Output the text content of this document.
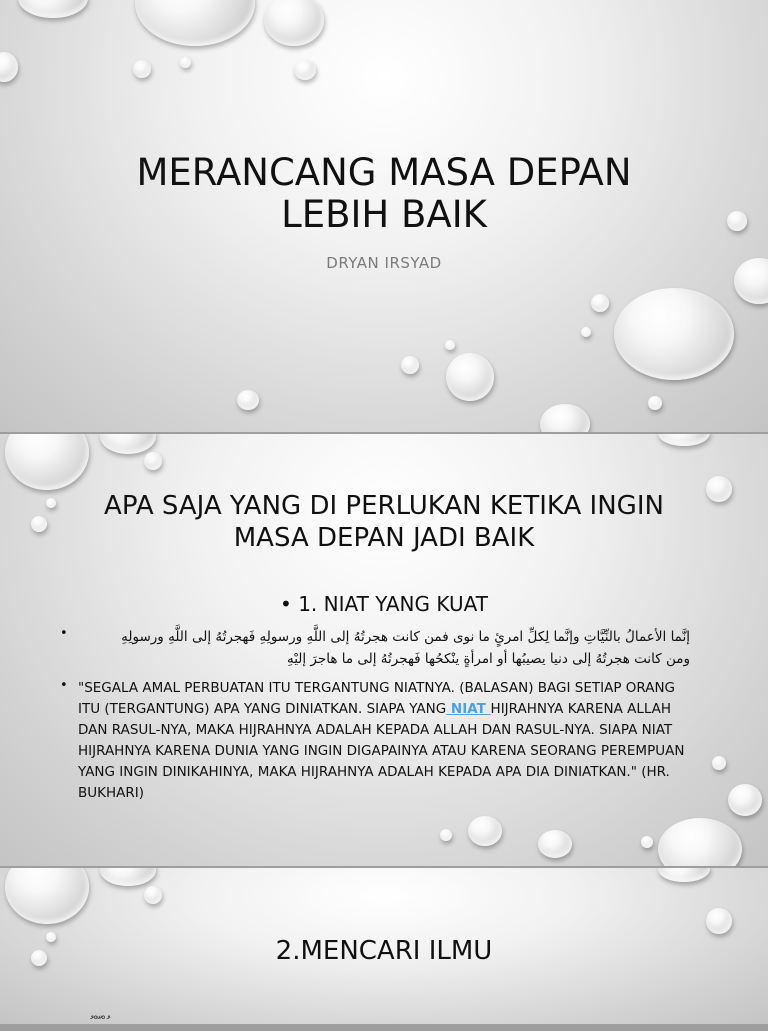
MERANCANG MASA DEPAN
LEBIH BAIK
DRYAN IRSYAD
APA SAJA YANG DI PERLUKAN KETIKA INGIN
MASA DEPAN JADI BAIK
• 1. NIAT YANG KUAT
•	إنَّما الأعمالُ بالنِّيَّاتِ وإنَّما لِكلِّ امرئٍ ما نوى فمن كانت هجرتُهُ إلى اللَّهِ ورسولِهِ فَهجرتُهُ إلى اللَّهِ ورسولِهِ
ومن كانت هجرتُهُ إلى دنيا يصيبُها أو امرأةٍ ينْكحُها فَهجرتُهُ إلى ما هاجرَ إليْهِ
• "SEGALA AMAL PERBUATAN ITU TERGANTUNG NIATNYA. (BALASAN) BAGI SETIAP ORANG ITU (TERGANTUNG) APA YANG DINIATKAN. SIAPA YANG NIAT HIJRAHNYA KARENA ALLAH DAN RASUL-NYA, MAKA HIJRAHNYA ADALAH KEPADA ALLAH DAN RASUL-NYA. SIAPA NIAT HIJRAHNYA KARENA DUNIA YANG INGIN DIGAPAINYA ATAU KARENA SEORANG PEREMPUAN YANG INGIN DINIKAHINYA, MAKA HIJRAHNYA ADALAH KEPADA APA DIA DINIATKAN." (HR. BUKHARI)
2.MENCARI ILMU
ُ ْ ّ ْ ُ
